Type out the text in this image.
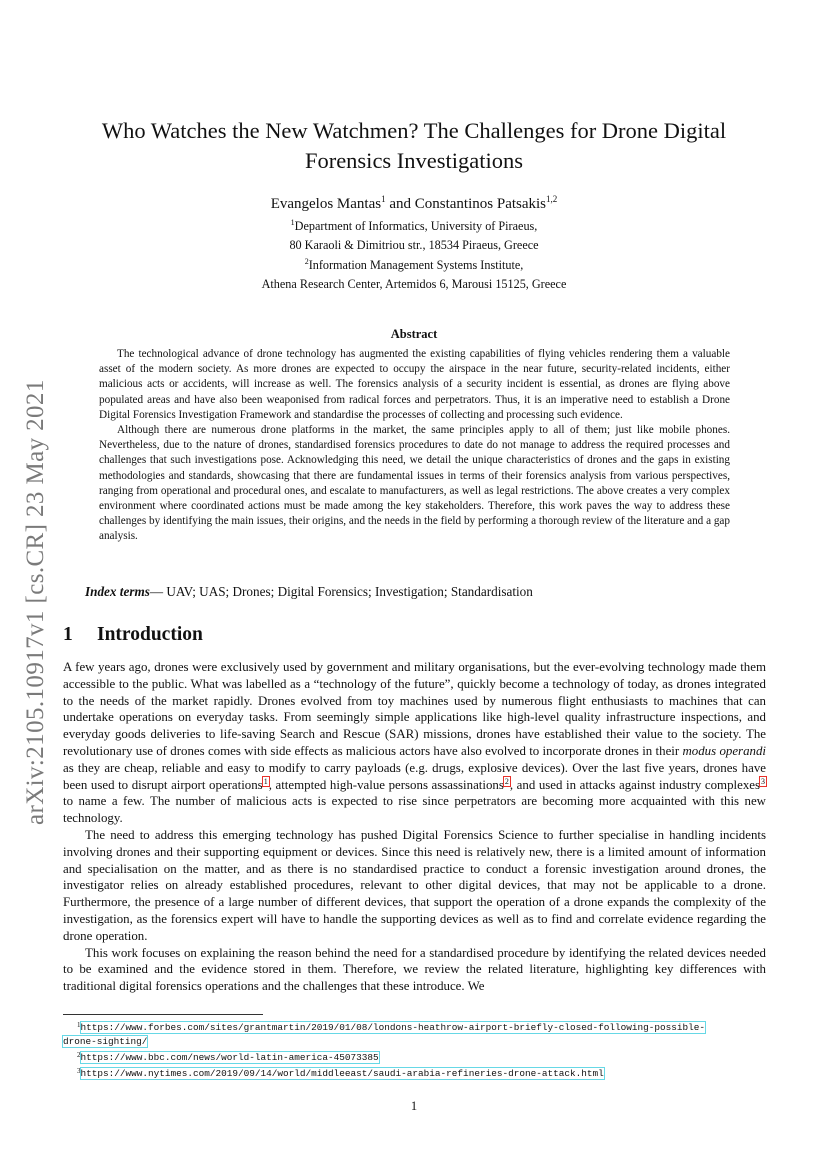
arXiv:2105.10917v1 [cs.CR] 23 May 2021
Who Watches the New Watchmen? The Challenges for Drone Digital
Forensics Investigations
Evangelos Mantas$^1$ and Constantinos Patsakis$^{1,2}$
$^1$Department of Informatics, University of Piraeus,
80 Karaoli & Dimitriou str., 18534 Piraeus, Greece
$^2$Information Management Systems Institute,
Athena Research Center, Artemidos 6, Marousi 15125, Greece
Abstract

The technological advance of drone technology has augmented the existing capabilities of flying vehicles rendering them a valuable asset of the modern society. As more drones are expected to occupy the airspace in the near future, security-related incidents, either malicious acts or accidents, will increase as well. The forensics analysis of a security incident is essential, as drones are flying above populated areas and have also been weaponised from radical forces and perpetrators. Thus, it is an imperative need to establish a Drone Digital Forensics Investigation Framework and standardise the processes of collecting and processing such evidence.

Although there are numerous drone platforms in the market, the same principles apply to all of them; just like mobile phones. Nevertheless, due to the nature of drones, standardised forensics procedures to date do not manage to address the required processes and challenges that such investigations pose. Acknowledging this need, we detail the unique characteristics of drones and the gaps in existing methodologies and standards, showcasing that there are fundamental issues in terms of their forensics analysis from various perspectives, ranging from operational and procedural ones, and escalate to manufacturers, as well as legal restrictions. The above creates a very complex environment where coordinated actions must be made among the key stakeholders. Therefore, this work paves the way to address these challenges by identifying the main issues, their origins, and the needs in the field by performing a thorough review of the literature and a gap analysis.

Index terms— UAV; UAS; Drones; Digital Forensics; Investigation; Standardisation
1 Introduction

A few years ago, drones were exclusively used by government and military organisations, but the ever-evolving technology made them accessible to the public. What was labelled as a “technology of the future”, quickly become a technology of today, as drones integrated to the needs of the market rapidly. Drones evolved from toy machines used by numerous flight enthusiasts to machines that can undertake operations on everyday tasks. From seemingly simple applications like high-level quality infrastructure inspections, and everyday goods deliveries to life-saving Search and Rescue (SAR) missions, drones have established their value to the society. The revolutionary use of drones comes with side effects as malicious actors have also evolved to incorporate drones in their modus operandi as they are cheap, reliable and easy to modify to carry payloads (e.g. drugs, explosive devices). Over the last five years, drones have been used to disrupt airport operations$^1$, attempted high-value persons assassinations$^2$, and used in attacks against industry complexes$^3$ to name a few. The number of malicious acts is expected to rise since perpetrators are becoming more acquainted with this new technology.

The need to address this emerging technology has pushed Digital Forensics Science to further specialise in handling incidents involving drones and their supporting equipment or devices. Since this need is relatively new, there is a limited amount of information and specialisation on the matter, and as there is no standardised practice to conduct a forensic investigation around drones, the investigator relies on already established procedures, relevant to other digital devices, that may not be applicable to a drone. Furthermore, the presence of a large number of different devices, that support the operation of a drone expands the complexity of the investigation, as the forensics expert will have to handle the supporting devices as well as to find and correlate evidence regarding the drone operation.

This work focuses on explaining the reason behind the need for a standardised procedure by identifying the related devices needed to be examined and the evidence stored in them. Therefore, we review the related literature, highlighting key differences with traditional digital forensics operations and the challenges that these introduce. We

$^1$https://www.forbes.com/sites/grantmartin/2019/01/08/londons-heathrow-airport-briefly-closed-following-possible-
drone-sighting/
$^2$https://www.bbc.com/news/world-latin-america-45073385
$^3$https://www.nytimes.com/2019/09/14/world/middleeast/saudi-arabia-refineries-drone-attack.html
1
